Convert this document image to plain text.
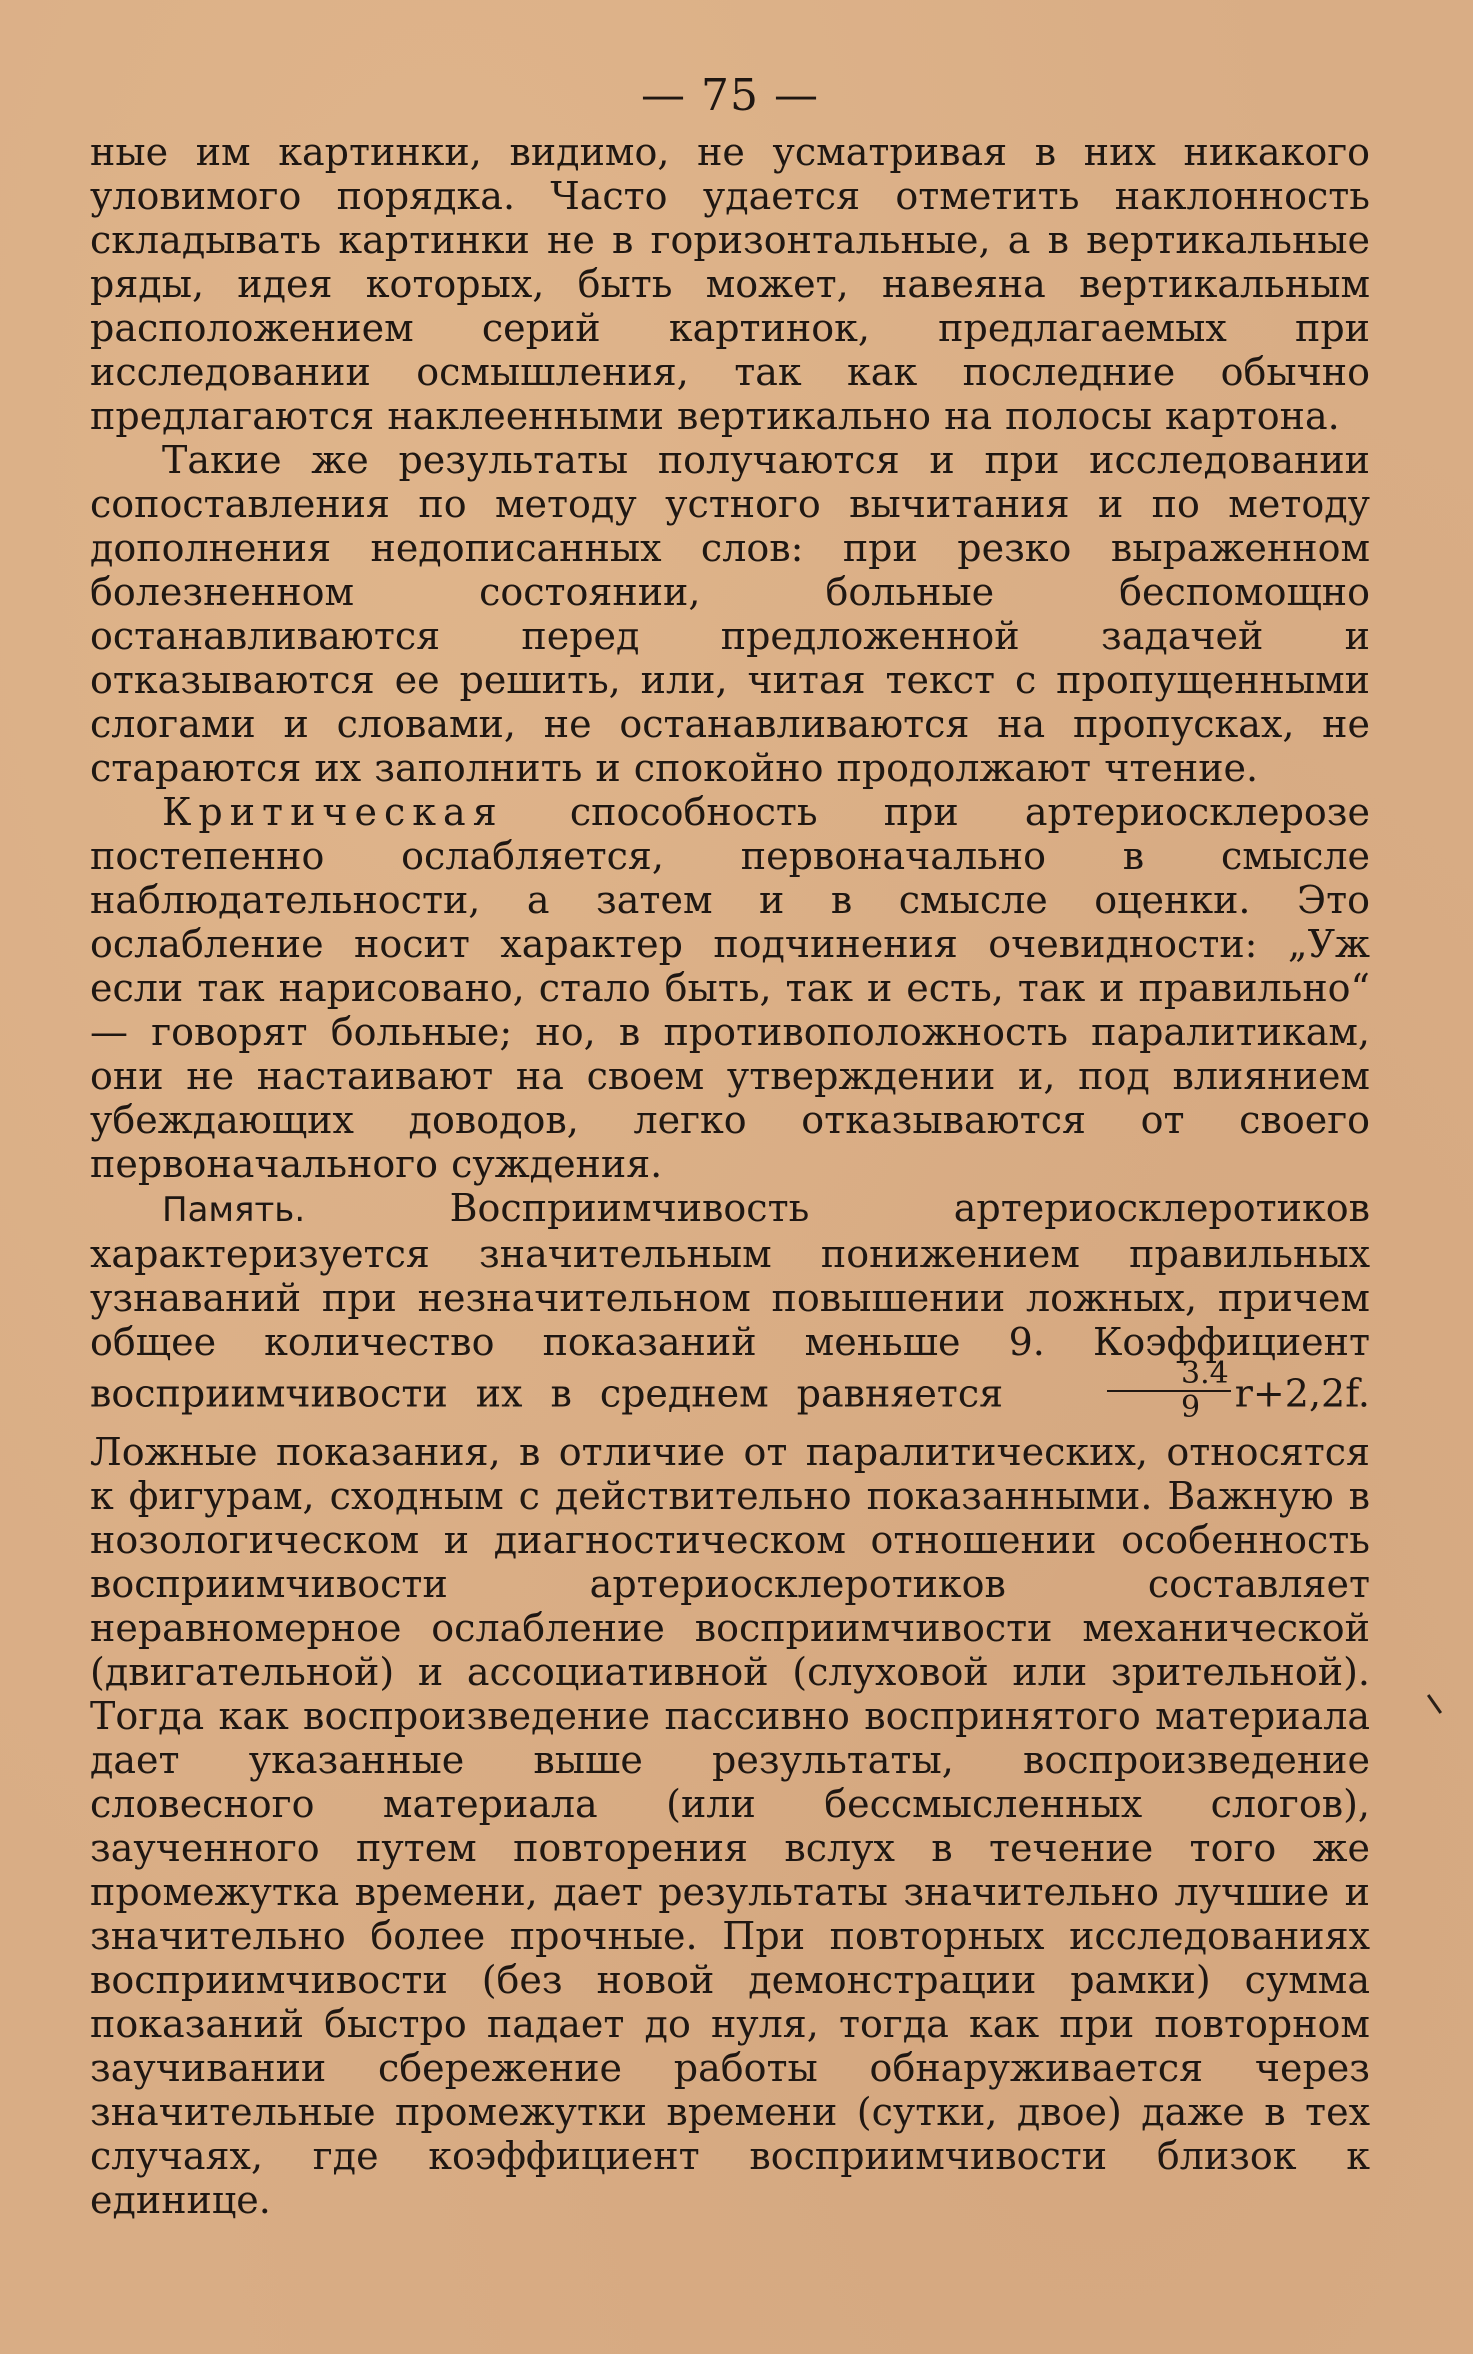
— 75 —

ные им картинки, видимо, не усматривая в них никакого уловимого порядка. Часто удается отметить наклонность складывать картинки не в горизонтальные, а в вертикальные ряды, идея которых, быть может, навеяна вертикальным расположением серий картинок, предлагаемых при исследовании осмышления, так как последние обычно предлагаются наклеенными вертикально на полосы картона.

Такие же результаты получаются и при исследовании сопоставления по методу устного вычитания и по методу дополнения недописанных слов: при резко выраженном болезненном состоянии, больные беспомощно останавливаются перед предложенной задачей и отказываются ее решить, или, читая текст с пропущенными слогами и словами, не останавливаются на пропусках, не стараются их заполнить и спокойно продолжают чтение.

Критическая способность при артериосклерозе постепенно ослабляется, первоначально в смысле наблюдательности, а затем и в смысле оценки. Это ослабление носит характер подчинения очевидности: „Уж если так нарисовано, стало быть, так и есть, так и правильно“ — говорят больные; но, в противоположность паралитикам, они не настаивают на своем утверждении и, под влиянием убеждающих доводов, легко отказываются от своего первоначального суждения.

Память. Восприимчивость артериосклеротиков характеризуется значительным понижением правильных узнаваний при незначительном повышении ложных, причем общее количество показаний меньше 9. Коэффициент восприимчивости их в среднем равняется	$\frac{3.4}{9} r+2,2f$. Ложные показания, в отличие от паралитических, относятся к фигурам, сходным с действительно показанными. Важную в нозологическом и диагностическом отношении особенность восприимчивости артериосклеротиков составляет неравномерное ослабление восприимчивости механической (двигательной) и ассоциативной (слуховой или зрительной). Тогда как воспроизведение пассивно воспринятого материала дает указанные выше результаты, воспроизведение словесного материала (или бессмысленных слогов), заученного путем повторения вслух в течение того же промежутка времени, дает результаты значительно лучшие и значительно более прочные. При повторных исследованиях восприимчивости (без новой демонстрации рамки) сумма показаний быстро падает до нуля, тогда как при повторном заучивании сбережение работы обнаруживается через значительные промежутки времени (сутки, двое) даже в тех случаях, где коэффициент восприимчивости близок к единице.
